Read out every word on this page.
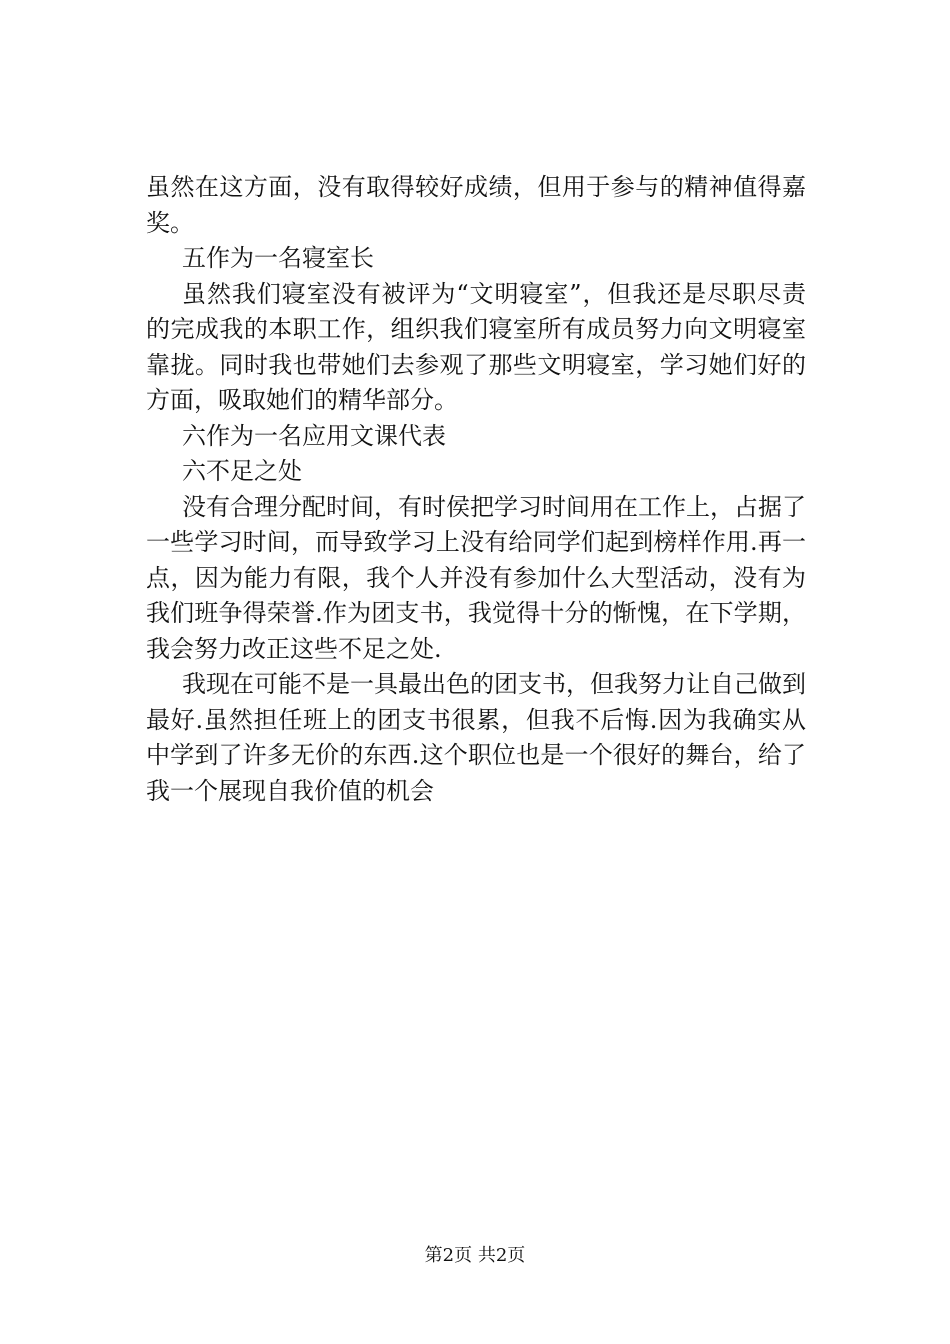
虽然在这方面，没有取得较好成绩，但用于参与的精神值得嘉奖。

五作为一名寝室长

虽然我们寝室没有被评为“文明寝室”，但我还是尽职尽责的完成我的本职工作，组织我们寝室所有成员努力向文明寝室靠拢。同时我也带她们去参观了那些文明寝室，学习她们好的方面，吸取她们的精华部分。

六作为一名应用文课代表

六不足之处

没有合理分配时间，有时侯把学习时间用在工作上，占据了一些学习时间，而导致学习上没有给同学们起到榜样作用.再一点，因为能力有限，我个人并没有参加什么大型活动，没有为我们班争得荣誉.作为团支书，我觉得十分的惭愧，在下学期，我会努力改正这些不足之处.

我现在可能不是一具最出色的团支书，但我努力让自己做到最好.虽然担任班上的团支书很累，但我不后悔.因为我确实从中学到了许多无价的东西.这个职位也是一个很好的舞台，给了我一个展现自我价值的机会

第2页 共2页
